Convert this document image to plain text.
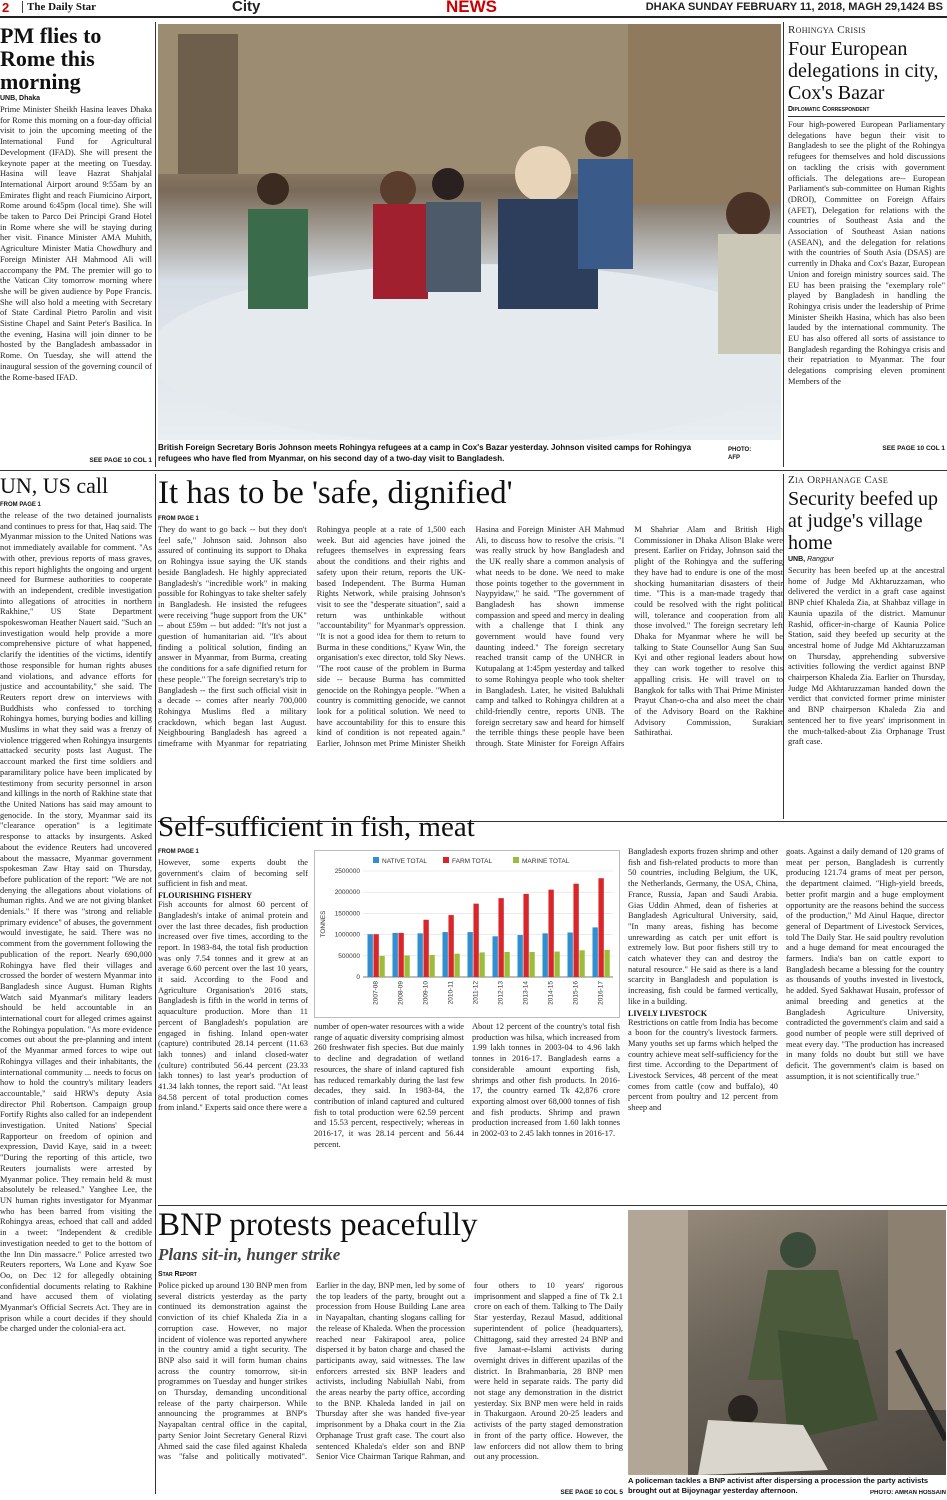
2	The Daily Star	City	NEWS	DHAKA SUNDAY FEBRUARY 11, 2018, MAGH 29,1424 BS
PM flies to Rome this morning
UNB, Dhaka
Prime Minister Sheikh Hasina leaves Dhaka for Rome this morning on a four-day official visit to join the upcoming meeting of the International Fund for Agricultural Development (IFAD). She will present the keynote paper at the meeting on Tuesday. Hasina will leave Hazrat Shahjalal International Airport around 9:55am by an Emirates flight and reach Fiumicino Airport, Rome around 6:45pm (local time). She will be taken to Parco Dei Principi Grand Hotel in Rome where she will be staying during her visit. Finance Minister AMA Muhith, Agriculture Minister Matia Chowdhury and Foreign Minister AH Mahmood Ali will accompany the PM. The premier will go to the Vatican City tomorrow morning where she will be given audience by Pope Francis. She will also hold a meeting with Secretary of State Cardinal Pietro Parolin and visit Sistine Chapel and Saint Peter's Basilica. In the evening, Hasina will join dinner to be hosted by the Bangladesh ambassador in Rome. On Tuesday, she will attend the inaugural session of the governing council of the Rome-based IFAD.
SEE PAGE 10 COL 1
British Foreign Secretary Boris Johnson meets Rohingya refugees at a camp in Cox's Bazar yesterday. Johnson visited camps for Rohingya refugees who have fled from Myanmar, on his second day of a two-day visit to Bangladesh.
PHOTO:
AFP
Rohingya Crisis
Four European delegations in city, Cox's Bazar
Diplomatic Correspondent
Four high-powered European Parliamentary delegations have begun their visit to Bangladesh to see the plight of the Rohingya refugees for themselves and hold discussions on tackling the crisis with government officials. The delegations are-- European Parliament's sub-committee on Human Rights (DROI), Committee on Foreign Affairs (AFET), Delegation for relations with the countries of Southeast Asia and the Association of Southeast Asian nations (ASEAN), and the delegation for relations with the countries of South Asia (DSAS) are currently in Dhaka and Cox's Bazar, European Union and foreign ministry sources said. The EU has been praising the "exemplary role" played by Bangladesh in handling the Rohingya crisis under the leadership of Prime Minister Sheikh Hasina, which has also been lauded by the international community. The EU has also offered all sorts of assistance to Bangladesh regarding the Rohingya crisis and their repatriation to Myanmar. The four delegations comprising eleven prominent Members of the
SEE PAGE 10 COL 1
UN, US call
FROM PAGE 1
the release of the two detained journalists and continues to press for that, Haq said. The Myanmar mission to the United Nations was not immediately available for comment. "As with other, previous reports of mass graves, this report highlights the ongoing and urgent need for Burmese authorities to cooperate with an independent, credible investigation into allegations of atrocities in northern Rakhine," US State Department spokeswoman Heather Nauert said. "Such an investigation would help provide a more comprehensive picture of what happened, clarify the identities of the victims, identify those responsible for human rights abuses and violations, and advance efforts for justice and accountability," she said. The Reuters report drew on interviews with Buddhists who confessed to torching Rohingya homes, burying bodies and killing Muslims in what they said was a frenzy of violence triggered when Rohingya insurgents attacked security posts last August. The account marked the first time soldiers and paramilitary police have been implicated by testimony from security personnel in arson and killings in the north of Rakhine state that the United Nations has said may amount to genocide. In the story, Myanmar said its "clearance operation" is a legitimate response to attacks by insurgents. Asked about the evidence Reuters had uncovered about the massacre, Myanmar government spokesman Zaw Htay said on Thursday, before publication of the report: "We are not denying the allegations about violations of human rights. And we are not giving blanket denials." If there was "strong and reliable primary evidence" of abuses, the government would investigate, he said. There was no comment from the government following the publication of the report. Nearly 690,000 Rohingya have fled their villages and crossed the border of western Myanmar into Bangladesh since August. Human Rights Watch said Myanmar's military leaders should be held accountable in an international court for alleged crimes against the Rohingya population. "As more evidence comes out about the pre-planning and intent of the Myanmar armed forces to wipe out Rohingya villages and their inhabitants, the international community ... needs to focus on how to hold the country's military leaders accountable," said HRW's deputy Asia director Phil Robertson. Campaign group Fortify Rights also called for an independent investigation. United Nations' Special Rapporteur on freedom of opinion and expression, David Kaye, said in a tweet: "During the reporting of this article, two Reuters journalists were arrested by Myanmar police. They remain held & must absolutely be released." Yanghee Lee, the UN human rights investigator for Myanmar who has been barred from visiting the Rohingya areas, echoed that call and added in a tweet: "Independent & credible investigation needed to get to the bottom of the Inn Din massacre." Police arrested two Reuters reporters, Wa Lone and Kyaw Soe Oo, on Dec 12 for allegedly obtaining confidential documents relating to Rakhine and have accused them of violating Myanmar's Official Secrets Act. They are in prison while a court decides if they should be charged under the colonial-era act.
It has to be 'safe, dignified'
FROM PAGE 1
They do want to go back -- but they don't feel safe," Johnson said. Johnson also assured of continuing its support to Dhaka on Rohingya issue saying the UK stands beside Bangladesh. He highly appreciated Bangladesh's "incredible work" in making possible for Rohingyas to take shelter safely in Bangladesh. He insisted the refugees were receiving "huge support from the UK" -- about £59m -- but added: "It's not just a question of humanitarian aid. "It's about finding a political solution, finding an answer in Myanmar, from Burma, creating the conditions for a safe dignified return for these people." The foreign secretary's trip to Bangladesh -- the first such official visit in a decade -- comes after nearly 700,000 Rohingya Muslims fled a military crackdown, which began last August. Neighbouring Bangladesh has agreed a timeframe with Myanmar for repatriating Rohingya people at a rate of 1,500 each week. But aid agencies have joined the refugees themselves in expressing fears about the conditions and their rights and safety upon their return, reports the UK-based Independent. The Burma Human Rights Network, while praising Johnson's visit to see the "desperate situation", said a return was unthinkable without "accountability" for Myanmar's oppression. "It is not a good idea for them to return to Burma in these conditions," Kyaw Win, the organisation's exec director, told Sky News. "The root cause of the problem in Burma side -- because Burma has committed genocide on the Rohingya people. "When a country is committing genocide, we cannot look for a political solution. We need to have accountability for this to ensure this kind of condition is not repeated again." Earlier, Johnson met Prime Minister Sheikh Hasina and Foreign Minister AH Mahmud Ali, to discuss how to resolve the crisis. "I was really struck by how Bangladesh and the UK really share a common analysis of what needs to be done. We need to make those points together to the government in Naypyidaw," he said. "The government of Bangladesh has shown immense compassion and speed and mercy in dealing with a challenge that I think any government would have found very daunting indeed." The foreign secretary reached transit camp of the UNHCR in Kutupalang at 1:45pm yesterday and talked to some Rohingya people who took shelter in Bangladesh. Later, he visited Balukhali camp and talked to Rohingya children at a child-friendly centre, reports UNB. The foreign secretary saw and heard for himself the terrible things these people have been through. State Minister for Foreign Affairs M Shahriar Alam and British High Commissioner in Dhaka Alison Blake were present. Earlier on Friday, Johnson said the plight of the Rohingya and the suffering they have had to endure is one of the most shocking humanitarian disasters of their time. "This is a man-made tragedy that could be resolved with the right political will, tolerance and cooperation from all those involved." The foreign secretary left Dhaka for Myanmar where he will be talking to State Counsellor Aung San Suu Kyi and other regional leaders about how they can work together to resolve this appalling crisis. He will travel on to Bangkok for talks with Thai Prime Minister Prayut Chan-o-cha and also meet the chair of the Advisory Board on the Rakhine Advisory Commission, Surakiart Sathirathai.
Zia Orphanage Case
Security beefed up at judge's village home
UNB, Rangpur
Security has been beefed up at the ancestral home of Judge Md Akhtaruzzaman, who delivered the verdict in a graft case against BNP chief Khaleda Zia, at Shahbaz village in Kaunia upazila of the district. Mamunur Rashid, officer-in-charge of Kaunia Police Station, said they beefed up security at the ancestral home of Judge Md Akhtaruzzaman on Thursday, apprehending subversive activities following the verdict against BNP chairperson Khaleda Zia. Earlier on Thursday, Judge Md Akhtaruzzaman handed down the verdict that convicted former prime minister and BNP chairperson Khaleda Zia and sentenced her to five years' imprisonment in the much-talked-about Zia Orphanage Trust graft case.
Self-sufficient in fish, meat
FROM PAGE 1
However, some experts doubt the government's claim of becoming self sufficient in fish and meat.
FLOURISHING FISHERY
Fish accounts for almost 60 percent of Bangladesh's intake of animal protein and over the last three decades, fish production increased over five times, according to the report. In 1983-84, the total fish production was only 7.54 tonnes and it grew at an average 6.60 percent over the last 10 years, it said. According to the Food and Agriculture Organisation's 2016 stats, Bangladesh is fifth in the world in terms of aquaculture production. More than 11 percent of Bangladesh's population are engaged in fishing. Inland open-water (capture) contributed 28.14 percent (11.63 lakh tonnes) and inland closed-water (culture) contributed 56.44 percent (23.33 lakh tonnes) to last year's production of 41.34 lakh tonnes, the report said. "At least 84.58 percent of total production comes from inland." Experts said once there were a
NATIVE TOTAL	FARM TOTAL	MARINE TOTAL
0
500000
1000000
1500000
2000000
2500000
TONNES
2007-08	2008-09	2009-10	2010-11	2011-12	2012-13	2013-14	2014-15	2015-16	2016-17
number of open-water resources with a wide range of aquatic diversity comprising almost 260 freshwater fish species. But due mainly to decline and degradation of wetland resources, the share of inland captured fish has reduced remarkably during the last few decades, they said. In 1983-84, the contribution of inland captured and cultured fish to total production were 62.59 percent and 15.53 percent, respectively; whereas in 2016-17, it was 28.14 percent and 56.44 percent.
About 12 percent of the country's total fish production was hilsa, which increased from 1.99 lakh tonnes in 2003-04 to 4.96 lakh tonnes in 2016-17. Bangladesh earns a considerable amount exporting fish, shrimps and other fish products. In 2016-17, the country earned Tk 42,876 crore exporting almost over 68,000 tonnes of fish and fish products. Shrimp and prawn production increased from 1.60 lakh tonnes in 2002-03 to 2.45 lakh tonnes in 2016-17.
Bangladesh exports frozen shrimp and other fish and fish-related products to more than 50 countries, including Belgium, the UK, the Netherlands, Germany, the USA, China, France, Russia, Japan and Saudi Arabia. Gias Uddin Ahmed, dean of fisheries at Bangladesh Agricultural University, said, "In many areas, fishing has become unrewarding as catch per unit effort is extremely low. But poor fishers still try to catch whatever they can and destroy the natural resource." He said as there is a land scarcity in Bangladesh and population is increasing, fish could be farmed vertically, like in a building.
LIVELY LIVESTOCK
Restrictions on cattle from India has become a boon for the country's livestock farmers. Many youths set up farms which helped the country achieve meat self-sufficiency for the first time. According to the Department of Livestock Services, 48 percent of the meat comes from cattle (cow and buffalo), 40 percent from poultry and 12 percent from sheep and
goats. Against a daily demand of 120 grams of meat per person, Bangladesh is currently producing 121.74 grams of meat per person, the department claimed. "High-yield breeds, better profit margin and a huge employment opportunity are the reasons behind the success of the production," Md Ainul Haque, director general of Department of Livestock Services, told The Daily Star. He said poultry revolution and a huge demand for meat encouraged the farmers. India's ban on cattle export to Bangladesh became a blessing for the country as thousands of youths invested in livestock, he added. Syed Sakhawat Husain, professor of animal breeding and genetics at the Bangladesh Agriculture University, contradicted the government's claim and said a good number of people were still deprived of meat every day. "The production has increased in many folds no doubt but still we have deficit. The government's claim is based on assumption, it is not scientifically true."
BNP protests peacefully
Plans sit-in, hunger strike
Star Report
Police picked up around 130 BNP men from several districts yesterday as the party continued its demonstration against the conviction of its chief Khaleda Zia in a corruption case. However, no major incident of violence was reported anywhere in the country amid a tight security. The BNP also said it will form human chains across the country tomorrow, sit-in programmes on Tuesday and hunger strikes on Thursday, demanding unconditional release of the party chairperson. While announcing the programmes at BNP's Nayapaltan central office in the capital, party Senior Joint Secretary General Rizvi Ahmed said the case filed against Khaleda was "false and politically motivated". Earlier in the day, BNP men, led by some of the top leaders of the party, brought out a procession from House Building Lane area in Nayapaltan, chanting slogans calling for the release of Khaleda. When the procession reached near Fakirapool area, police dispersed it by baton charge and chased the participants away, said witnesses. The law enforcers arrested six BNP leaders and activists, including Nabiullah Nabi, from the areas nearby the party office, according to the BNP. Khaleda landed in jail on Thursday after she was handed five-year imprisonment by a Dhaka court in the Zia Orphanage Trust graft case. The court also sentenced Khaleda's elder son and BNP Senior Vice Chairman Tarique Rahman, and four others to 10 years' rigorous imprisonment and slapped a fine of Tk 2.1 crore on each of them. Talking to The Daily Star yesterday, Rezaul Masud, additional superintendent of police (headquarters), Chittagong, said they arrested 24 BNP and five Jamaat-e-Islami activists during overnight drives in different upazilas of the district. In Brahmanbaria, 28 BNP men were held in separate raids. The party did not stage any demonstration in the district yesterday. Six BNP men were held in raids in Thakurgaon. Around 20-25 leaders and activists of the party staged demonstration in front of the party office. However, the law enforcers did not allow them to bring out any procession.
SEE PAGE 10 COL 5
A policeman tackles a BNP activist after dispersing a procession the party activists brought out at Bijoynagar yesterday afternoon.	PHOTO: AMRAN HOSSAIN
